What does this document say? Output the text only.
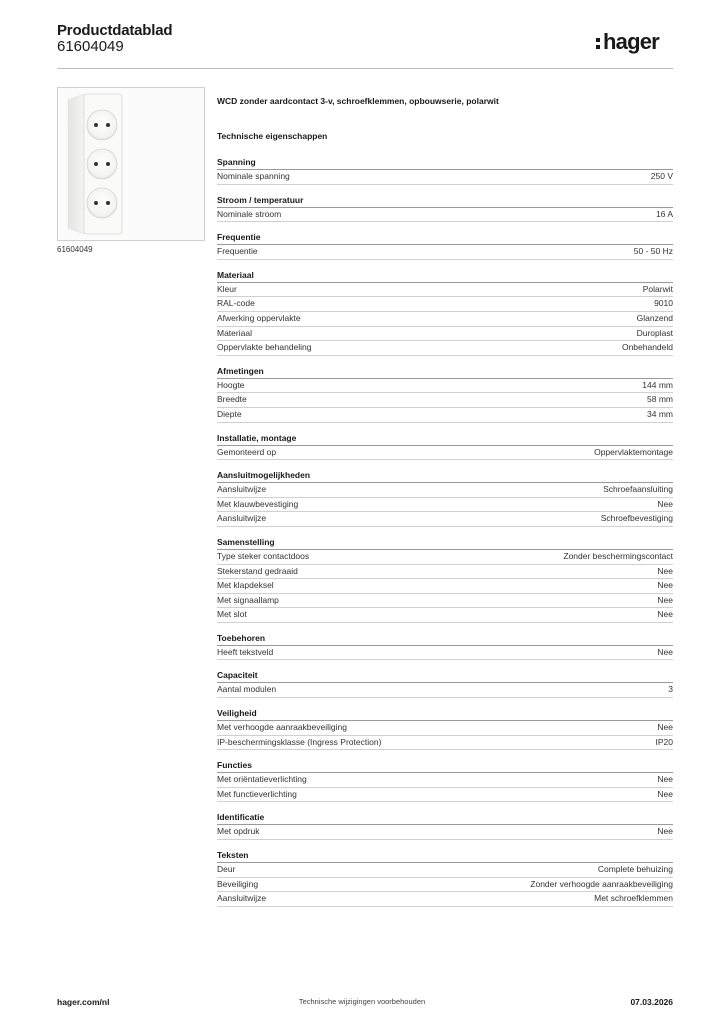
Productdatablad
61604049	hager
61604049
WCD zonder aardcontact 3-v, schroefklemmen, opbouwserie, polarwit
Technische eigenschappen
Spanning
Nominale spanning	250 V
Stroom / temperatuur
Nominale stroom	16 A
Frequentie
Frequentie	50 - 50 Hz
Materiaal
Kleur	Polarwit
RAL-code	9010
Afwerking oppervlakte	Glanzend
Materiaal	Duroplast
Oppervlakte behandeling	Onbehandeld
Afmetingen
Hoogte	144 mm
Breedte	58 mm
Diepte	34 mm
Installatie, montage
Gemonteerd op	Oppervlaktemontage
Aansluitmogelijkheden
Aansluitwijze	Schroefaansluiting
Met klauwbevestiging	Nee
Aansluitwijze	Schroefbevestiging
Samenstelling
Type steker contactdoos	Zonder beschermingscontact
Stekerstand gedraaid	Nee
Met klapdeksel	Nee
Met signaallamp	Nee
Met slot	Nee
Toebehoren
Heeft tekstveld	Nee
Capaciteit
Aantal modulen	3
Veiligheid
Met verhoogde aanraakbeveiliging	Nee
IP-beschermingsklasse (Ingress Protection)	IP20
Functies
Met oriëntatieverlichting	Nee
Met functieverlichting	Nee
Identificatie
Met opdruk	Nee
Teksten
Deur	Complete behuizing
Beveiliging	Zonder verhoogde aanraakbeveiliging
Aansluitwijze	Met schroefklemmen
hager.com/nl	Technische wijzigingen voorbehouden	07.03.2026
